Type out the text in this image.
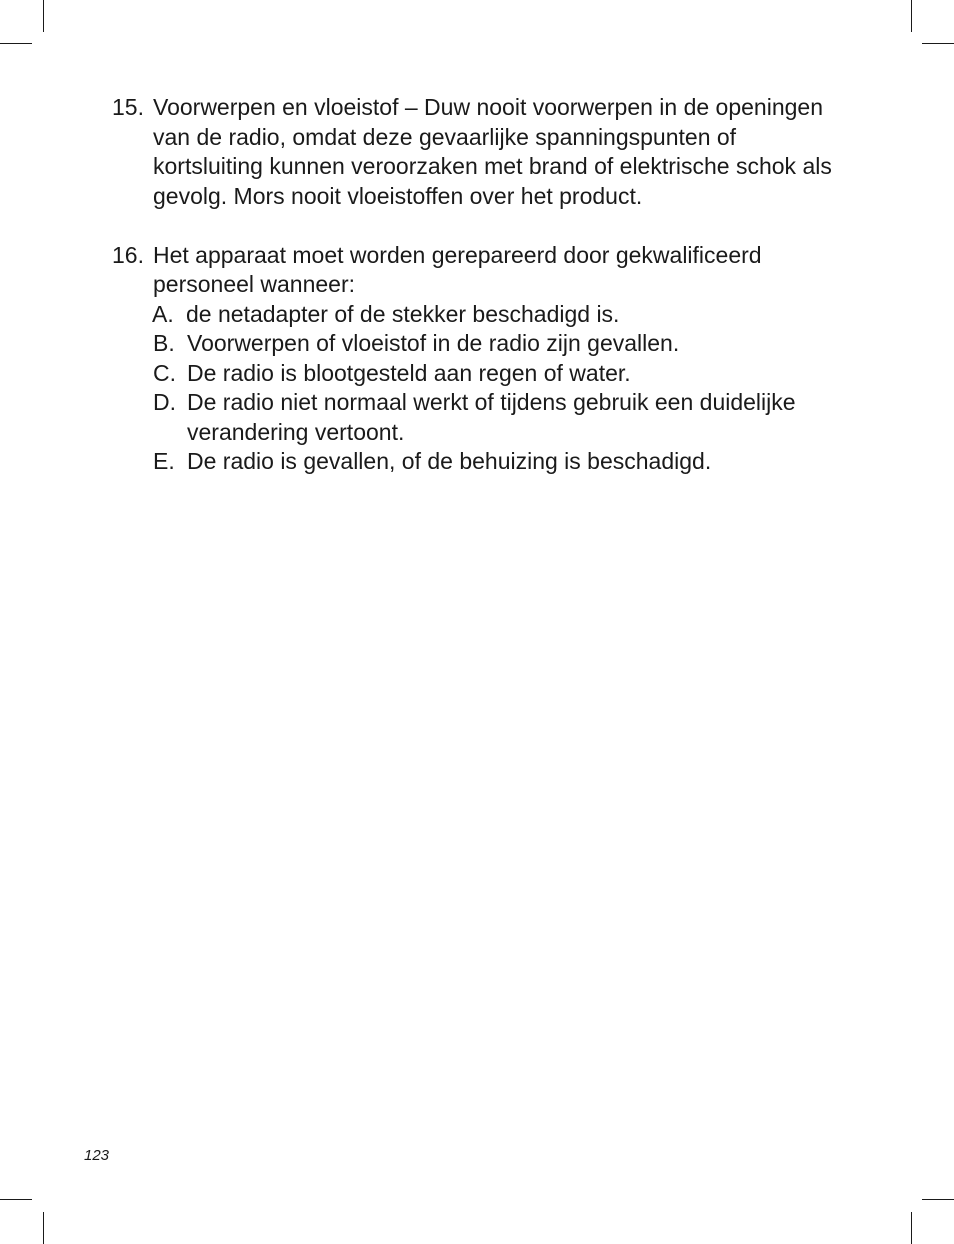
15. Voorwerpen en vloeistof – Duw nooit voorwerpen in de openingen van de radio, omdat deze gevaarlijke spanningspunten of kortsluiting kunnen veroorzaken met brand of elektrische schok als gevolg. Mors nooit vloeistoffen over het product.
16. Het apparaat moet worden gerepareerd door gekwalificeerd personeel wanneer:
A. de netadapter of de stekker beschadigd is.
B. Voorwerpen of vloeistof in de radio zijn gevallen.
C. De radio is blootgesteld aan regen of water.
D. De radio niet normaal werkt of tijdens gebruik een duidelijke verandering vertoont.
E. De radio is gevallen, of de behuizing is beschadigd.
123
